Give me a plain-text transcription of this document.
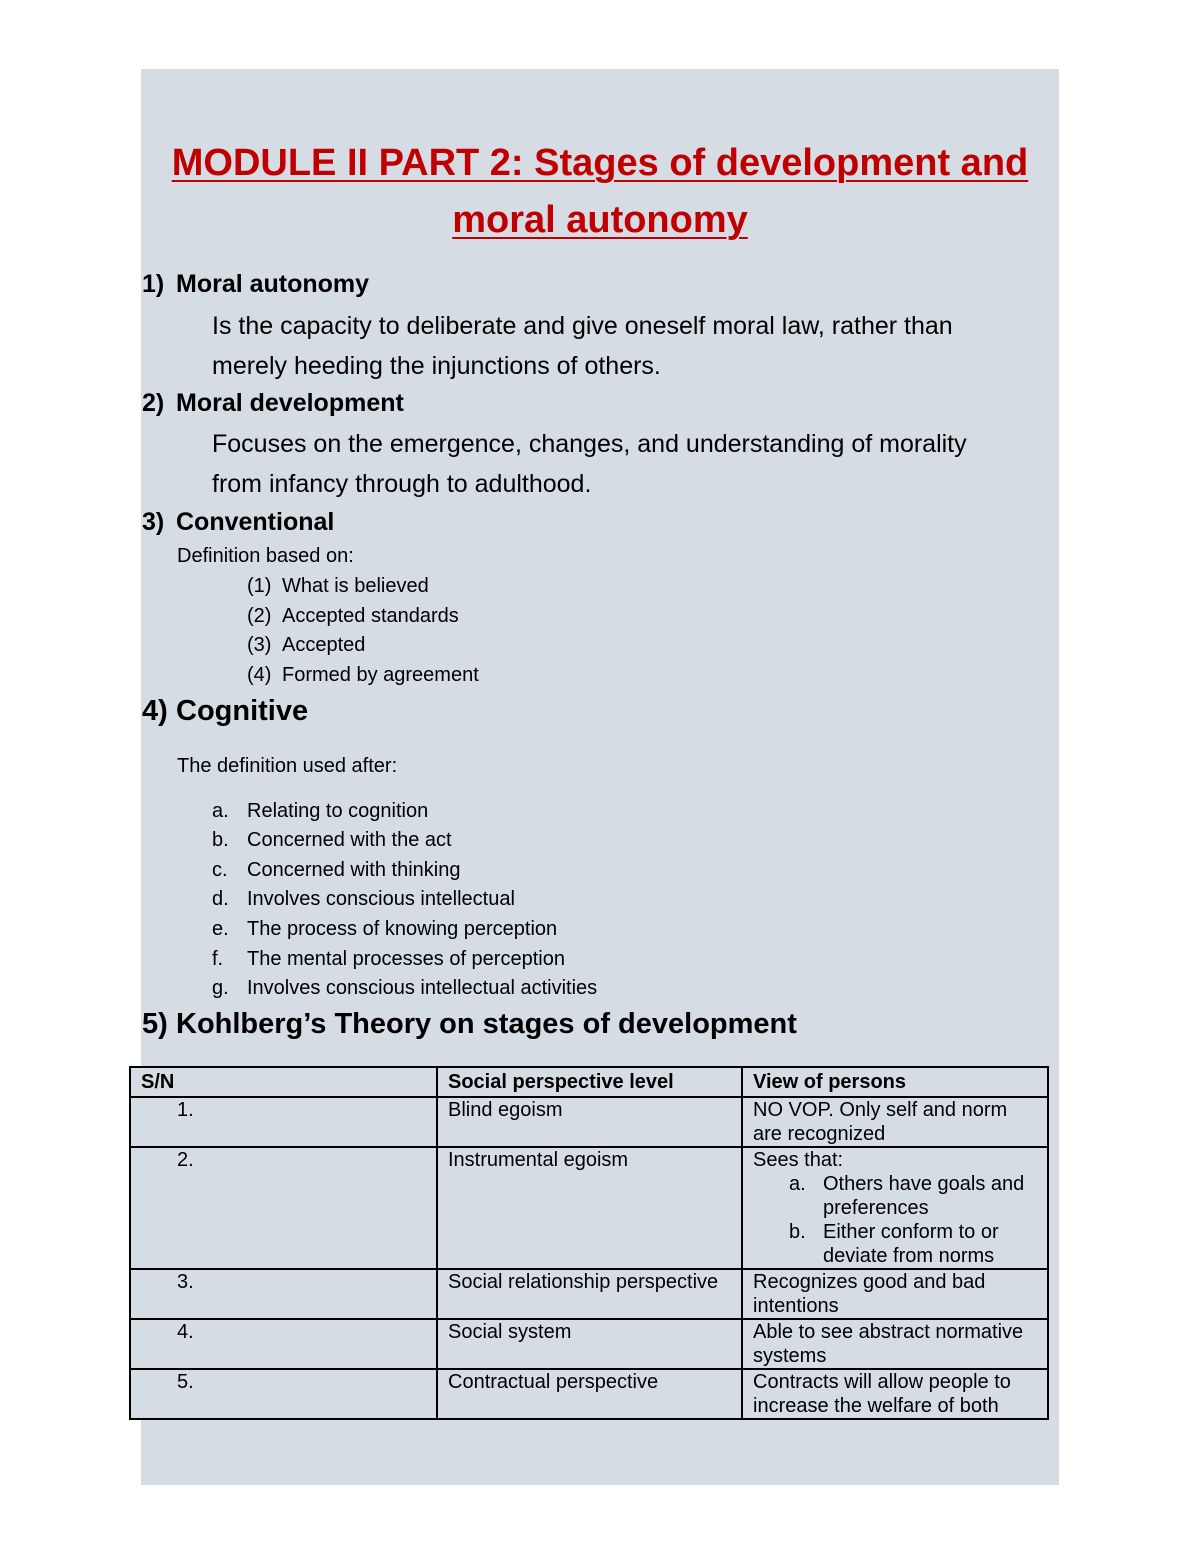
MODULE II PART 2: Stages of development and
moral autonomy
1) Moral autonomy
Is the capacity to deliberate and give oneself moral law, rather than
merely heeding the injunctions of others.
2) Moral development
Focuses on the emergence, changes, and understanding of morality
from infancy through to adulthood.
3) Conventional
Definition based on:
(1) What is believed
(2) Accepted standards
(3) Accepted
(4) Formed by agreement
4) Cognitive
The definition used after:
a. Relating to cognition
b. Concerned with the act
c. Concerned with thinking
d. Involves conscious intellectual
e. The process of knowing perception
f. The mental processes of perception
g. Involves conscious intellectual activities
5) Kohlberg’s Theory on stages of development
S/N	Social perspective level	View of persons
1.	Blind egoism	NO VOP. Only self and norm are recognized
2.	Instrumental egoism	Sees that:
a. Others have goals and preferences
b. Either conform to or deviate from norms

3.	Social relationship perspective	Recognizes good and bad intentions
4.	Social system	Able to see abstract normative systems
5.	Contractual perspective	Contracts will allow people to increase the welfare of both
